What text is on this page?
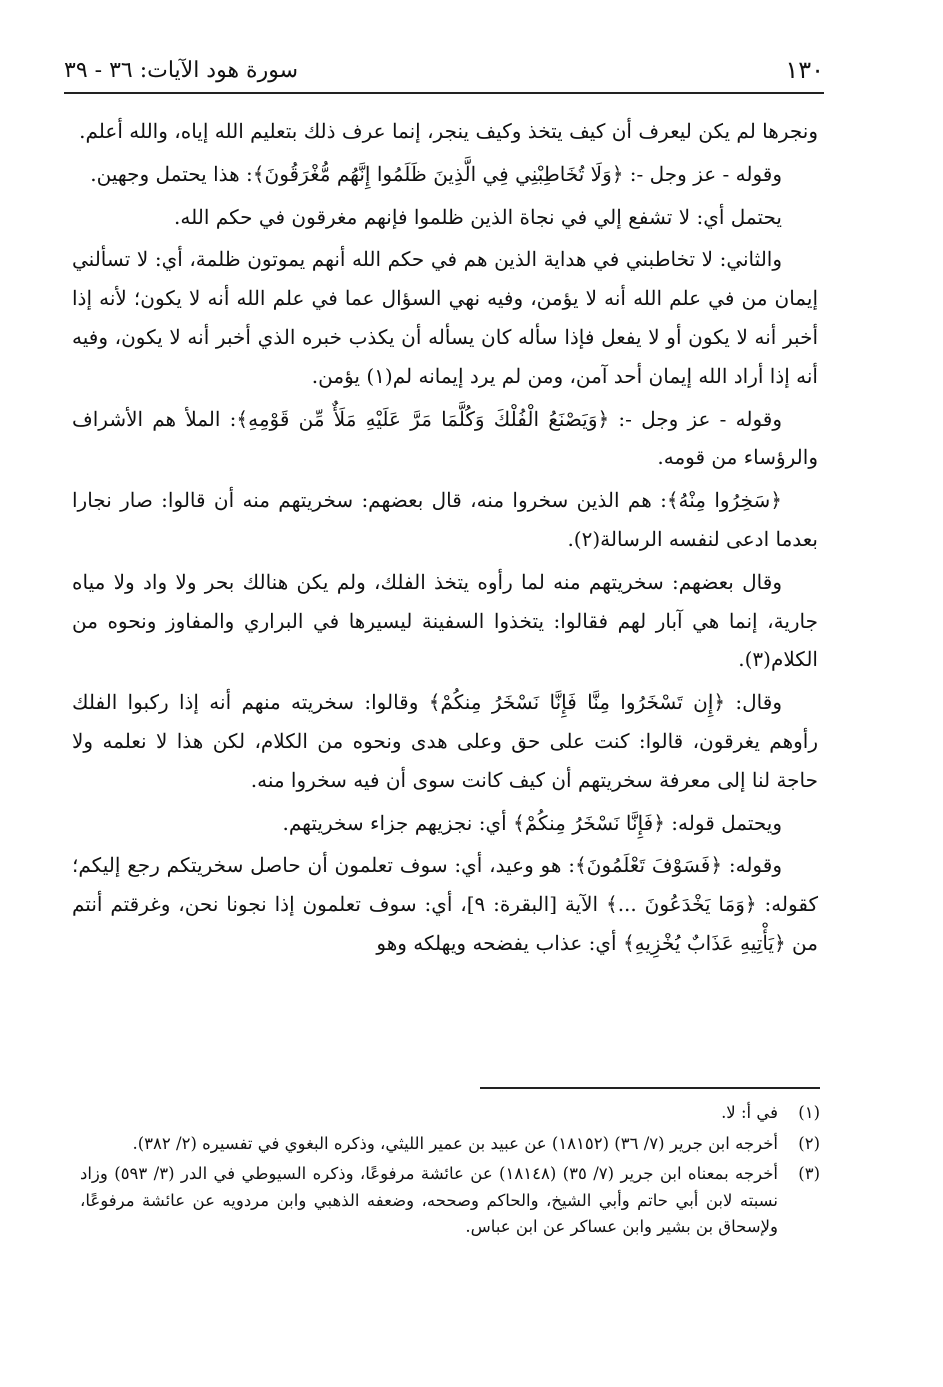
١٣٠
سورة هود الآيات: ٣٦ - ٣٩

ونجرها لم يكن ليعرف أن كيف يتخذ وكيف ينجر، إنما عرف ذلك بتعليم الله إياه، والله أعلم.

وقوله - عز وجل -: ﴿وَلَا تُخَاطِبْنِي فِي الَّذِينَ ظَلَمُوا إِنَّهُم مُّغْرَقُونَ﴾: هذا يحتمل وجهين.

يحتمل أي: لا تشفع إلي في نجاة الذين ظلموا فإنهم مغرقون في حكم الله.

والثاني: لا تخاطبني في هداية الذين هم في حكم الله أنهم يموتون ظلمة، أي: لا تسألني إيمان من في علم الله أنه لا يؤمن، وفيه نهي السؤال عما في علم الله أنه لا يكون؛ لأنه إذا أخبر أنه لا يكون أو لا يفعل فإذا سأله كان يسأله أن يكذب خبره الذي أخبر أنه لا يكون، وفيه أنه إذا أراد الله إيمان أحد آمن، ومن لم يرد إيمانه لم(١) يؤمن.

وقوله - عز وجل -: ﴿وَيَصْنَعُ الْفُلْكَ وَكُلَّمَا مَرَّ عَلَيْهِ مَلَأٌ مِّن قَوْمِهِ﴾: الملأ هم الأشراف والرؤساء من قومه.

﴿سَخِرُوا مِنْهُ﴾: هم الذين سخروا منه، قال بعضهم: سخريتهم منه أن قالوا: صار نجارا بعدما ادعى لنفسه الرسالة(٢).

وقال بعضهم: سخريتهم منه لما رأوه يتخذ الفلك، ولم يكن هنالك بحر ولا واد ولا مياه جارية، إنما هي آبار لهم فقالوا: يتخذوا السفينة ليسيرها في البراري والمفاوز ونحوه من الكلام(٣).

وقال: ﴿إِن تَسْخَرُوا مِنَّا فَإِنَّا نَسْخَرُ مِنكُمْ﴾ وقالوا: سخريته منهم أنه إذا ركبوا الفلك رأوهم يغرقون، قالوا: كنت على حق وعلى هدى ونحوه من الكلام، لكن هذا لا نعلمه ولا حاجة لنا إلى معرفة سخريتهم أن كيف كانت سوى أن فيه سخروا منه.

ويحتمل قوله: ﴿فَإِنَّا نَسْخَرُ مِنكُمْ﴾ أي: نجزيهم جزاء سخريتهم.

وقوله: ﴿فَسَوْفَ تَعْلَمُونَ﴾: هو وعيد، أي: سوف تعلمون أن حاصل سخريتكم رجع إليكم؛ كقوله: ﴿وَمَا يَخْدَعُونَ ...﴾ الآية [البقرة: ٩]، أي: سوف تعلمون إذا نجونا نحن، وغرقتم أنتم من ﴿يَأْتِيهِ عَذَابٌ يُخْزِيهِ﴾ أي: عذاب يفضحه ويهلكه وهو

(١)
في أ: لا.
(٢)
أخرجه ابن جرير (٧/ ٣٦) (١٨١٥٢) عن عبيد بن عمير الليثي، وذكره البغوي في تفسيره (٢/ ٣٨٢).
(٣)
أخرجه بمعناه ابن جرير (٧/ ٣٥) (١٨١٤٨) عن عائشة مرفوعًا، وذكره السيوطي في الدر (٣/ ٥٩٣) وزاد نسبته لابن أبي حاتم وأبي الشيخ، والحاكم وصححه، وضعفه الذهبي وابن مردويه عن عائشة مرفوعًا، ولإسحاق بن بشير وابن عساكر عن ابن عباس.
